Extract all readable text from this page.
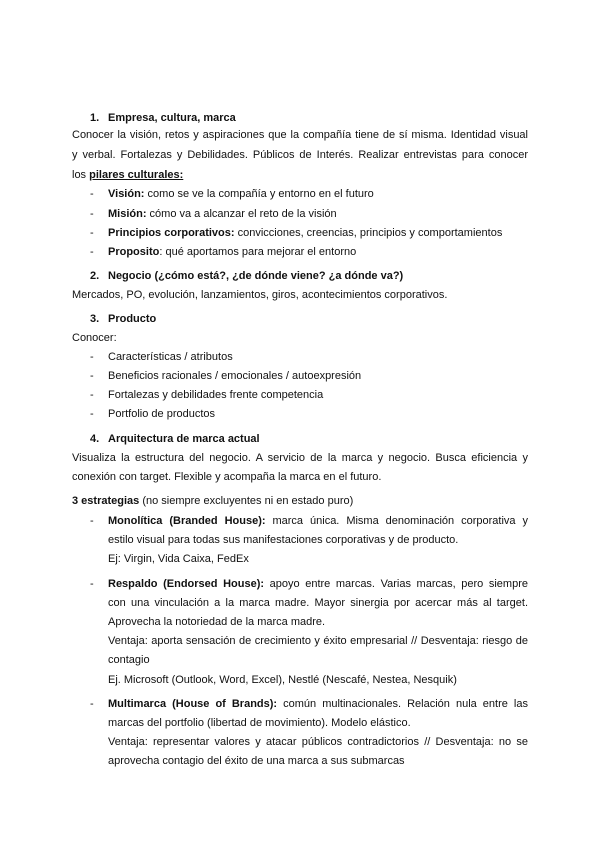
1. Empresa, cultura, marca
Conocer la visión, retos y aspiraciones que la compañía tiene de sí misma. Identidad visual
y verbal. Fortalezas y Debilidades. Públicos de Interés. Realizar entrevistas para conocer
los pilares culturales:
- Visión: como se ve la compañía y entorno en el futuro
- Misión: cómo va a alcanzar el reto de la visión
- Principios corporativos: convicciones, creencias, principios y comportamientos
- Proposito: qué aportamos para mejorar el entorno
2. Negocio (¿cómo está?, ¿de dónde viene? ¿a dónde va?)
Mercados, PO, evolución, lanzamientos, giros, acontecimientos corporativos.
3. Producto
Conocer:
- Características / atributos
- Beneficios racionales / emocionales / autoexpresión
- Fortalezas y debilidades frente competencia
- Portfolio de productos
4. Arquitectura de marca actual
Visualiza la estructura del negocio. A servicio de la marca y negocio. Busca eficiencia y
conexión con target. Flexible y acompaña la marca en el futuro.
3 estrategias (no siempre excluyentes ni en estado puro)
- Monolítica (Branded House): marca única. Misma denominación corporativa y
estilo visual para todas sus manifestaciones corporativas y de producto.
Ej: Virgin, Vida Caixa, FedEx
- Respaldo (Endorsed House): apoyo entre marcas. Varias marcas, pero siempre
con una vinculación a la marca madre. Mayor sinergia por acercar más al target.
Aprovecha la notoriedad de la marca madre.
Ventaja: aporta sensación de crecimiento y éxito empresarial // Desventaja: riesgo de
contagio
Ej. Microsoft (Outlook, Word, Excel), Nestlé (Nescafé, Nestea, Nesquik)
- Multimarca (House of Brands): común multinacionales. Relación nula entre las
marcas del portfolio (libertad de movimiento). Modelo elástico.
Ventaja: representar valores y atacar públicos contradictorios // Desventaja: no se
aprovecha contagio del éxito de una marca a sus submarcas
